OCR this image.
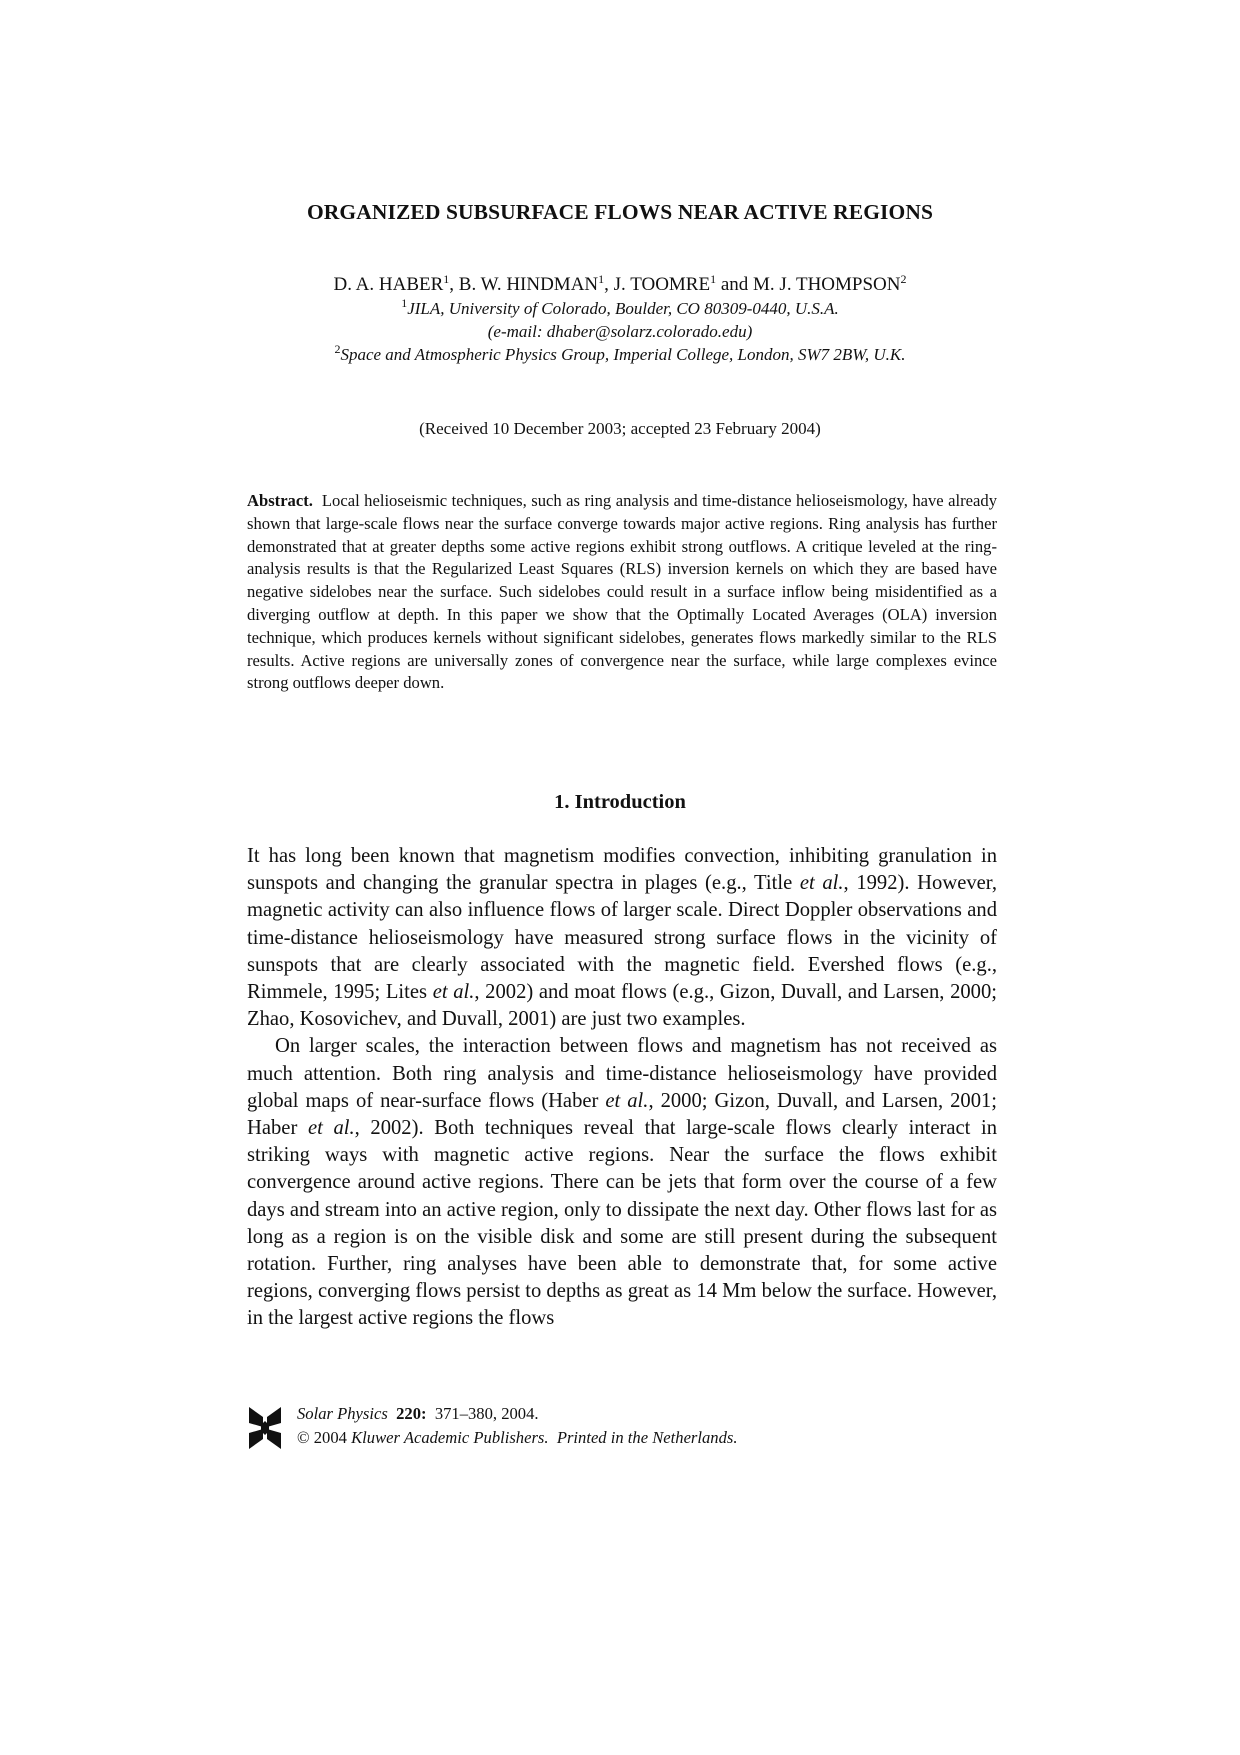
ORGANIZED SUBSURFACE FLOWS NEAR ACTIVE REGIONS
D. A. HABER$^1$, B. W. HINDMAN$^1$, J. TOOMRE$^1$ and M. J. THOMPSON$^2$
$^1$JILA, University of Colorado, Boulder, CO 80309-0440, U.S.A.
(e-mail: dhaber@solarz.colorado.edu)
$^2$Space and Atmospheric Physics Group, Imperial College, London, SW7 2BW, U.K.
(Received 10 December 2003; accepted 23 February 2004)
Abstract. Local helioseismic techniques, such as ring analysis and time-distance helioseismology, have already shown that large-scale flows near the surface converge towards major active regions. Ring analysis has further demonstrated that at greater depths some active regions exhibit strong outflows. A critique leveled at the ring-analysis results is that the Regularized Least Squares (RLS) inversion kernels on which they are based have negative sidelobes near the surface. Such sidelobes could result in a surface inflow being misidentified as a diverging outflow at depth. In this paper we show that the Optimally Located Averages (OLA) inversion technique, which produces kernels without significant sidelobes, generates flows markedly similar to the RLS results. Active regions are universally zones of convergence near the surface, while large complexes evince strong outflows deeper down.
1. Introduction

It has long been known that magnetism modifies convection, inhibiting granulation in sunspots and changing the granular spectra in plages (e.g., Title et al., 1992). However, magnetic activity can also influence flows of larger scale. Direct Doppler observations and time-distance helioseismology have measured strong surface flows in the vicinity of sunspots that are clearly associated with the magnetic field. Evershed flows (e.g., Rimmele, 1995; Lites et al., 2002) and moat flows (e.g., Gizon, Duvall, and Larsen, 2000; Zhao, Kosovichev, and Duvall, 2001) are just two examples.

On larger scales, the interaction between flows and magnetism has not received as much attention. Both ring analysis and time-distance helioseismology have provided global maps of near-surface flows (Haber et al., 2000; Gizon, Duvall, and Larsen, 2001; Haber et al., 2002). Both techniques reveal that large-scale flows clearly interact in striking ways with magnetic active regions. Near the surface the flows exhibit convergence around active regions. There can be jets that form over the course of a few days and stream into an active region, only to dissipate the next day. Other flows last for as long as a region is on the visible disk and some are still present during the subsequent rotation. Further, ring analyses have been able to demonstrate that, for some active regions, converging flows persist to depths as great as 14 Mm below the surface. However, in the largest active regions the flows

Solar Physics 220: 371–380, 2004.
© 2004 Kluwer Academic Publishers. Printed in the Netherlands.
